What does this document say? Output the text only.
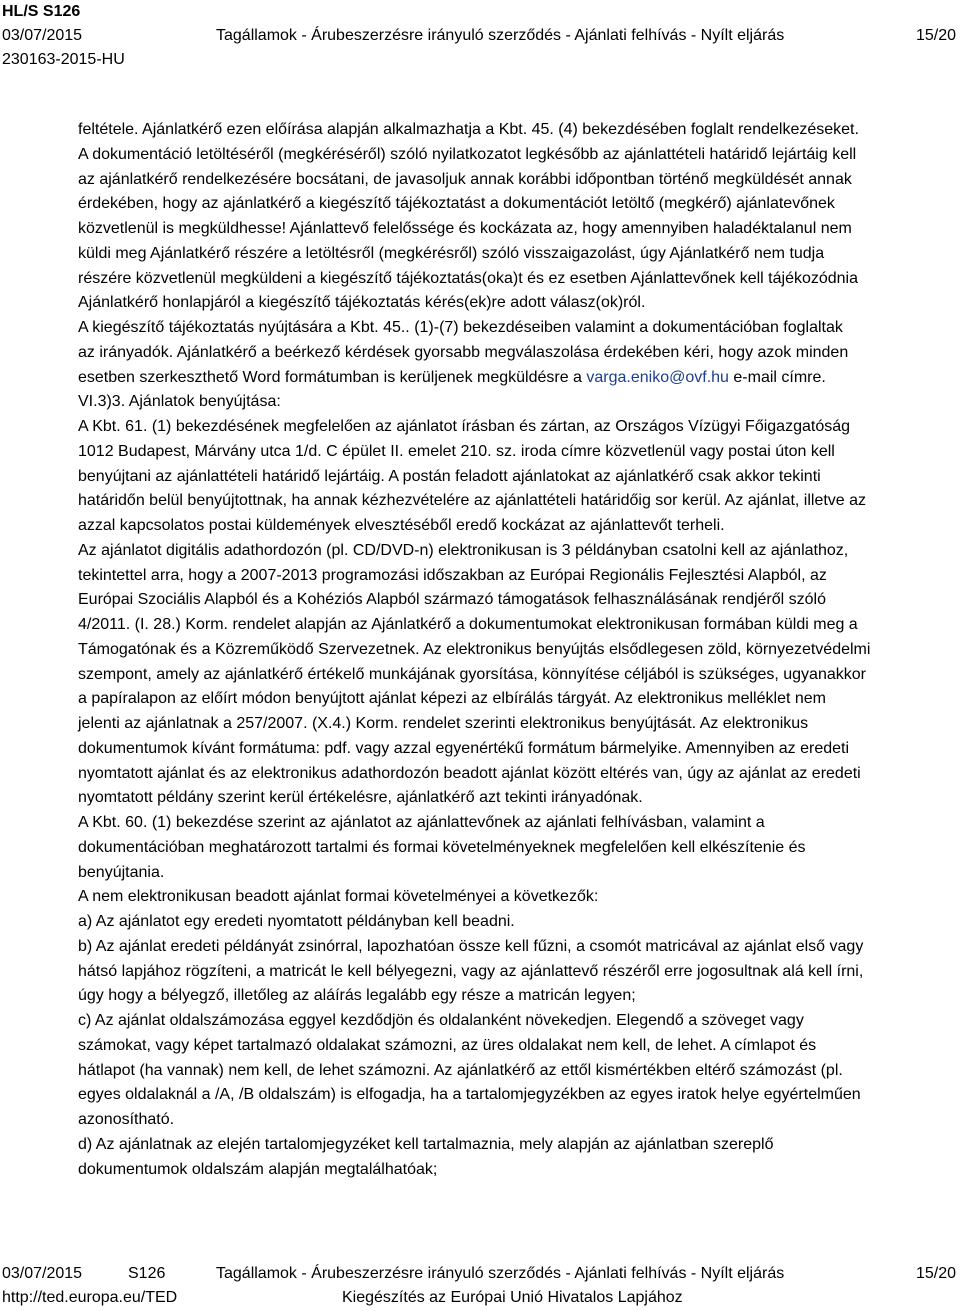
HL/S S126
03/07/2015	Tagállamok - Árubeszerzésre irányuló szerződés - Ajánlati felhívás - Nyílt eljárás	15/20
230163-2015-HU

feltétele. Ajánlatkérő ezen előírása alapján alkalmazhatja a Kbt. 45. (4) bekezdésében foglalt rendelkezéseket.

A dokumentáció letöltéséről (megkéréséről) szóló nyilatkozatot legkésőbb az ajánlattételi határidő lejártáig kell

az ajánlatkérő rendelkezésére bocsátani, de javasoljuk annak korábbi időpontban történő megküldését annak

érdekében, hogy az ajánlatkérő a kiegészítő tájékoztatást a dokumentációt letöltő (megkérő) ajánlatevőnek

közvetlenül is megküldhesse! Ajánlattevő felelőssége és kockázata az, hogy amennyiben haladéktalanul nem

küldi meg Ajánlatkérő részére a letöltésről (megkérésről) szóló visszaigazolást, úgy Ajánlatkérő nem tudja

részére közvetlenül megküldeni a kiegészítő tájékoztatás(oka)t és ez esetben Ajánlattevőnek kell tájékozódnia

Ajánlatkérő honlapjáról a kiegészítő tájékoztatás kérés(ek)re adott válasz(ok)ról.

A kiegészítő tájékoztatás nyújtására a Kbt. 45.. (1)-(7) bekezdéseiben valamint a dokumentációban foglaltak

az irányadók. Ajánlatkérő a beérkező kérdések gyorsabb megválaszolása érdekében kéri, hogy azok minden

esetben szerkeszthető Word formátumban is kerüljenek megküldésre a varga.eniko@ovf.hu e-mail címre.

VI.3)3. Ajánlatok benyújtása:

A Kbt. 61. (1) bekezdésének megfelelően az ajánlatot írásban és zártan, az Országos Vízügyi Főigazgatóság

1012 Budapest, Márvány utca 1/d. C épület II. emelet 210. sz. iroda címre közvetlenül vagy postai úton kell

benyújtani az ajánlattételi határidő lejártáig. A postán feladott ajánlatokat az ajánlatkérő csak akkor tekinti

határidőn belül benyújtottnak, ha annak kézhezvételére az ajánlattételi határidőig sor kerül. Az ajánlat, illetve az

azzal kapcsolatos postai küldemények elvesztéséből eredő kockázat az ajánlattevőt terheli.

Az ajánlatot digitális adathordozón (pl. CD/DVD-n) elektronikusan is 3 példányban csatolni kell az ajánlathoz,

tekintettel arra, hogy a 2007-2013 programozási időszakban az Európai Regionális Fejlesztési Alapból, az

Európai Szociális Alapból és a Kohéziós Alapból származó támogatások felhasználásának rendjéről szóló

4/2011. (I. 28.) Korm. rendelet alapján az Ajánlatkérő a dokumentumokat elektronikusan formában küldi meg a

Támogatónak és a Közreműködő Szervezetnek. Az elektronikus benyújtás elsődlegesen zöld, környezetvédelmi

szempont, amely az ajánlatkérő értékelő munkájának gyorsítása, könnyítése céljából is szükséges, ugyanakkor

a papíralapon az előírt módon benyújtott ajánlat képezi az elbírálás tárgyát. Az elektronikus melléklet nem

jelenti az ajánlatnak a 257/2007. (X.4.) Korm. rendelet szerinti elektronikus benyújtását. Az elektronikus

dokumentumok kívánt formátuma: pdf. vagy azzal egyenértékű formátum bármelyike. Amennyiben az eredeti

nyomtatott ajánlat és az elektronikus adathordozón beadott ajánlat között eltérés van, úgy az ajánlat az eredeti

nyomtatott példány szerint kerül értékelésre, ajánlatkérő azt tekinti irányadónak.

A Kbt. 60. (1) bekezdése szerint az ajánlatot az ajánlattevőnek az ajánlati felhívásban, valamint a

dokumentációban meghatározott tartalmi és formai követelményeknek megfelelően kell elkészítenie és

benyújtania.

A nem elektronikusan beadott ajánlat formai követelményei a következők:

a) Az ajánlatot egy eredeti nyomtatott példányban kell beadni.

b) Az ajánlat eredeti példányát zsinórral, lapozhatóan össze kell fűzni, a csomót matricával az ajánlat első vagy

hátsó lapjához rögzíteni, a matricát le kell bélyegezni, vagy az ajánlattevő részéről erre jogosultnak alá kell írni,

úgy hogy a bélyegző, illetőleg az aláírás legalább egy része a matricán legyen;

c) Az ajánlat oldalszámozása eggyel kezdődjön és oldalanként növekedjen. Elegendő a szöveget vagy

számokat, vagy képet tartalmazó oldalakat számozni, az üres oldalakat nem kell, de lehet. A címlapot és

hátlapot (ha vannak) nem kell, de lehet számozni. Az ajánlatkérő az ettől kismértékben eltérő számozást (pl.

egyes oldalaknál a /A, /B oldalszám) is elfogadja, ha a tartalomjegyzékben az egyes iratok helye egyértelműen

azonosítható.

d) Az ajánlatnak az elején tartalomjegyzéket kell tartalmaznia, mely alapján az ajánlatban szereplő

dokumentumok oldalszám alapján megtalálhatóak;

03/07/2015	S126	Tagállamok - Árubeszerzésre irányuló szerződés - Ajánlati felhívás - Nyílt eljárás	15/20
http://ted.europa.eu/TED	Kiegészítés az Európai Unió Hivatalos Lapjához
